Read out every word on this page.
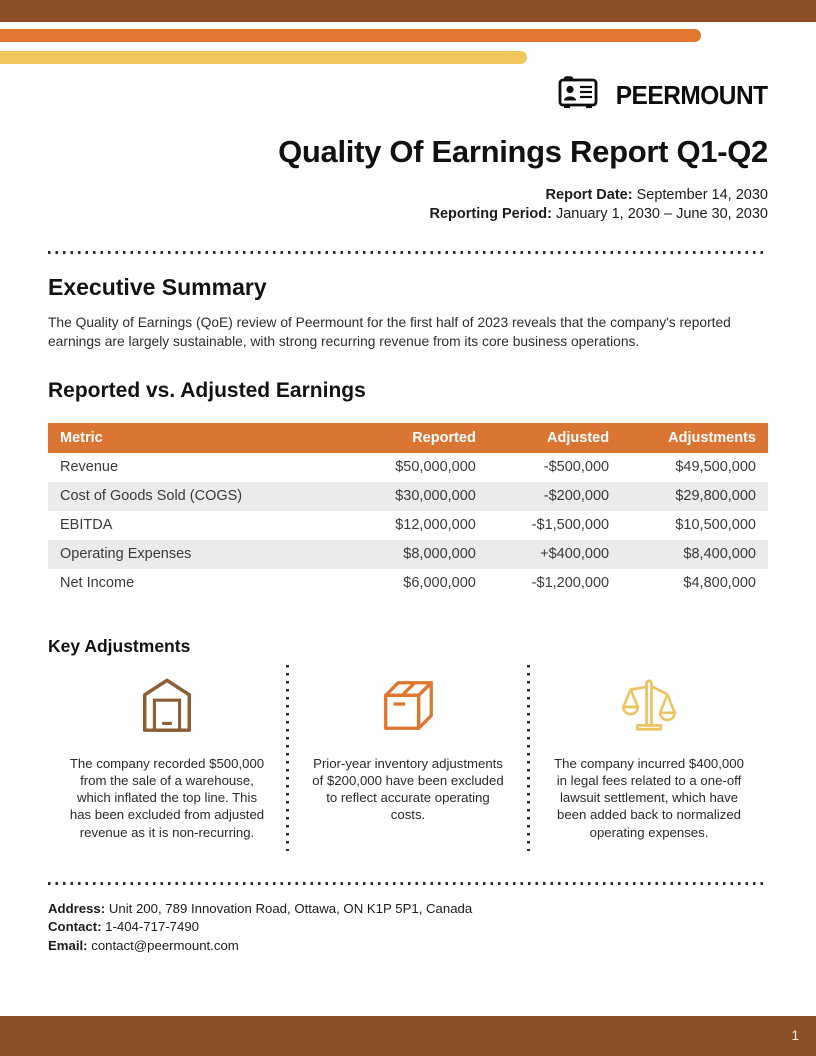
PEERMOUNT
Quality Of Earnings Report Q1-Q2
Report Date: September 14, 2030
Reporting Period: January 1, 2030 – June 30, 2030
Executive Summary

The Quality of Earnings (QoE) review of Peermount for the first half of 2023 reveals that the company's reported earnings are largely sustainable, with strong recurring revenue from its core business operations.

Reported vs. Adjusted Earnings
Metric	Reported	Adjusted	Adjustments
Revenue	$50,000,000	-$500,000	$49,500,000
Cost of Goods Sold (COGS)	$30,000,000	-$200,000	$29,800,000
EBITDA	$12,000,000	-$1,500,000	$10,500,000
Operating Expenses	$8,000,000	+$400,000	$8,400,000
Net Income	$6,000,000	-$1,200,000	$4,800,000
Key Adjustments
The company recorded $500,000 from the sale of a warehouse, which inflated the top line. This has been excluded from adjusted revenue as it is non-recurring.
Prior-year inventory adjustments of $200,000 have been excluded to reflect accurate operating costs.
The company incurred $400,000 in legal fees related to a one-off lawsuit settlement, which have been added back to normalized operating expenses.
Address: Unit 200, 789 Innovation Road, Ottawa, ON K1P 5P1, Canada
Contact: 1-404-717-7490
Email: contact@peermount.com
1
